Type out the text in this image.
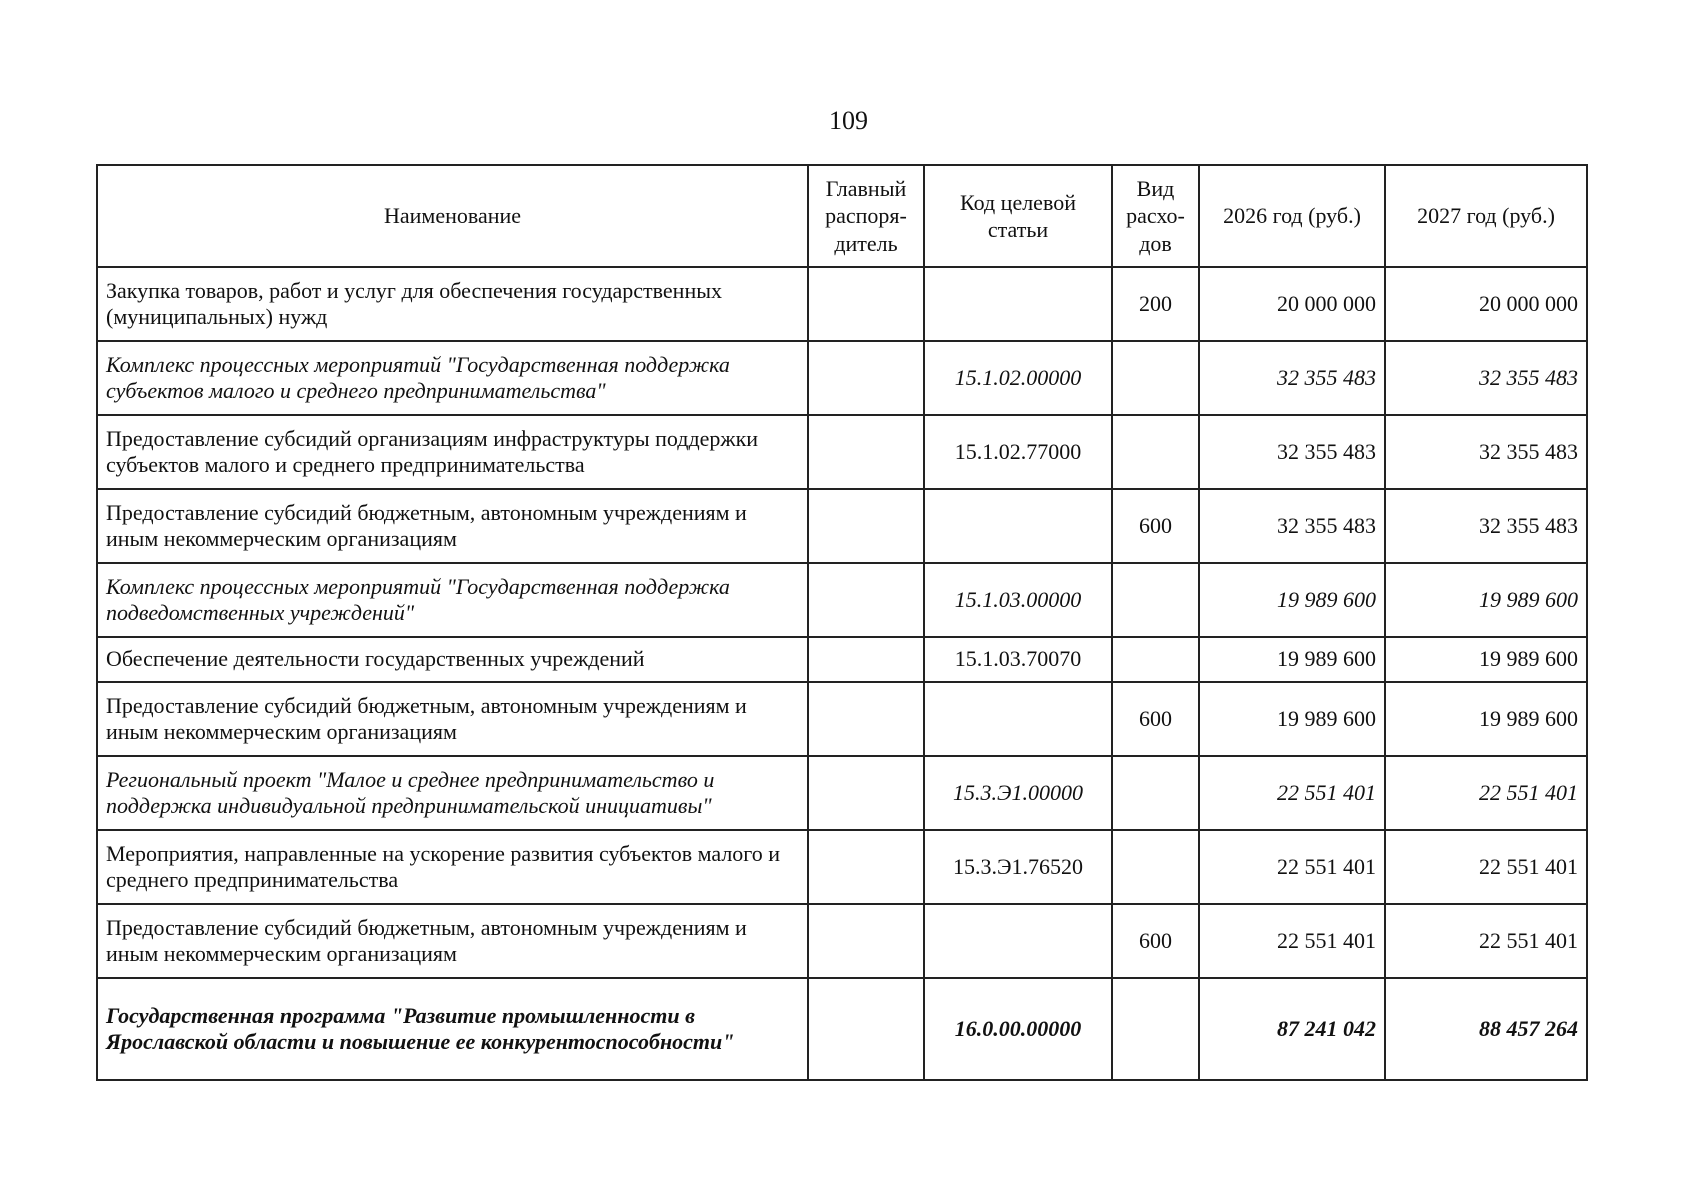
109
Наименование	Главный распоря-дитель	Код целевой статьи	Вид расхо-дов	2026 год (руб.)	2027 год (руб.)
Закупка товаров, работ и услуг для обеспечения государственных (муниципальных) нужд			200	20 000 000	20 000 000
Комплекс процессных мероприятий "Государственная поддержка субъектов малого и среднего предпринимательства"		15.1.02.00000		32 355 483	32 355 483
Предоставление субсидий организациям инфраструктуры поддержки субъектов малого и среднего предпринимательства		15.1.02.77000		32 355 483	32 355 483
Предоставление субсидий бюджетным, автономным учреждениям и иным некоммерческим организациям			600	32 355 483	32 355 483
Комплекс процессных мероприятий "Государственная поддержка подведомственных учреждений"		15.1.03.00000		19 989 600	19 989 600
Обеспечение деятельности государственных учреждений		15.1.03.70070		19 989 600	19 989 600
Предоставление субсидий бюджетным, автономным учреждениям и иным некоммерческим организациям			600	19 989 600	19 989 600
Региональный проект "Малое и среднее предпринимательство и поддержка индивидуальной предпринимательской инициативы"		15.3.Э1.00000		22 551 401	22 551 401
Мероприятия, направленные на ускорение развития субъектов малого и среднего предпринимательства		15.3.Э1.76520		22 551 401	22 551 401
Предоставление субсидий бюджетным, автономным учреждениям и иным некоммерческим организациям			600	22 551 401	22 551 401
Государственная программа "Развитие промышленности в Ярославской области и повышение ее конкурентоспособности"		16.0.00.00000		87 241 042	88 457 264
